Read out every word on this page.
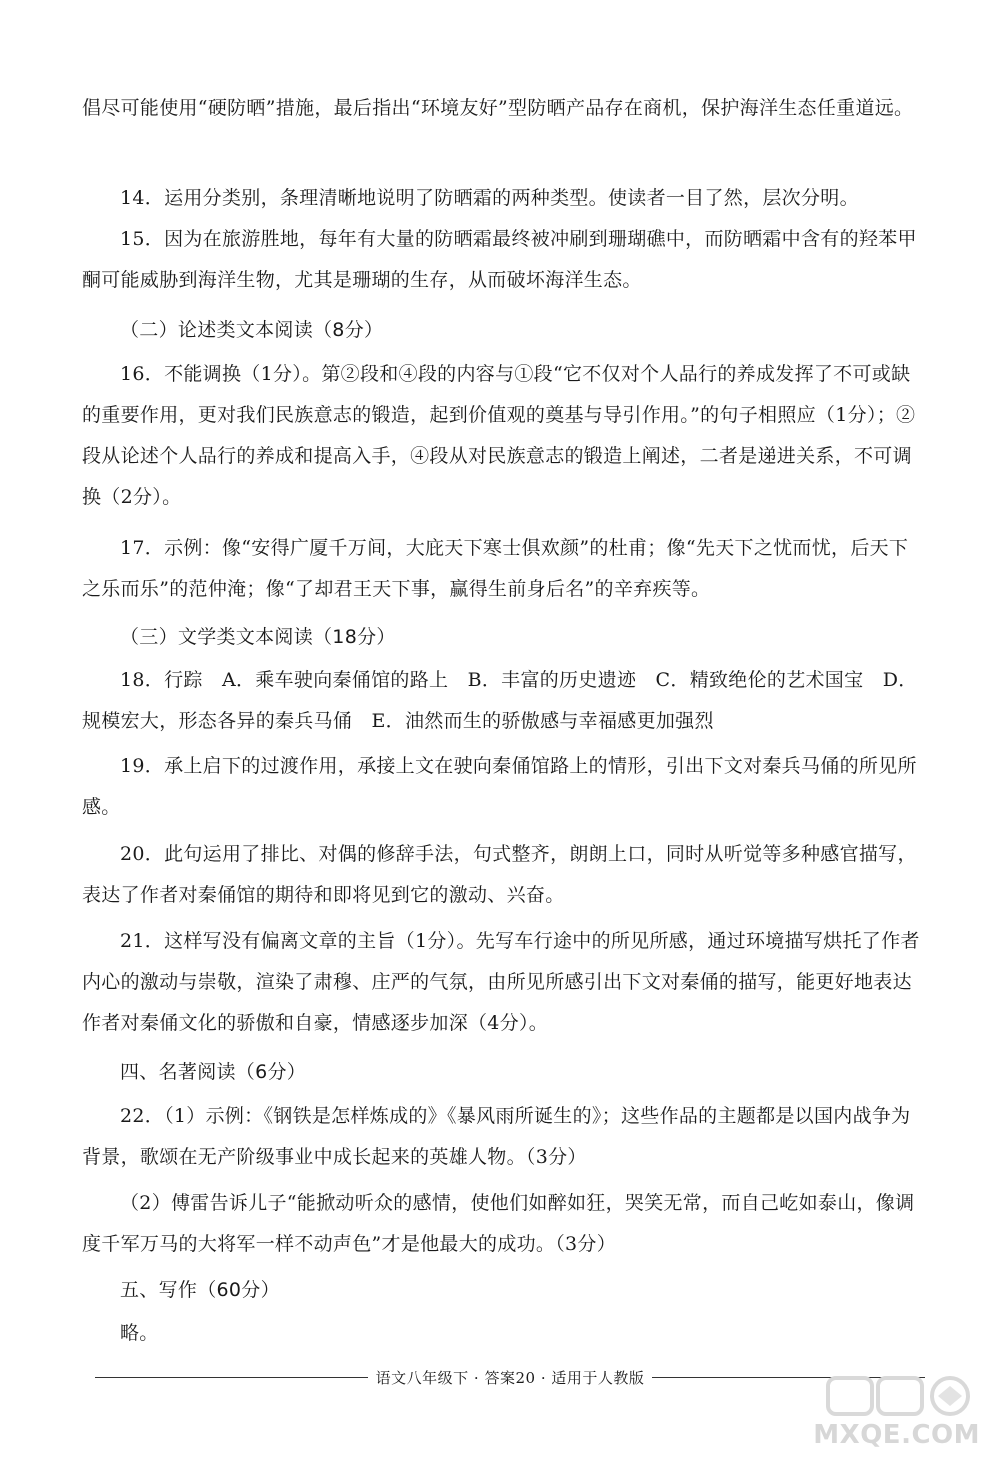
倡尽可能使用“硬防晒”措施，最后指出“环境友好”型防晒产品存在商机，保护海洋生态任重道远。

14．运用分类别，条理清晰地说明了防晒霜的两种类型。使读者一目了然，层次分明。

15．因为在旅游胜地，每年有大量的防晒霜最终被冲刷到珊瑚礁中，而防晒霜中含有的羟苯甲酮可能威胁到海洋生物，尤其是珊瑚的生存，从而破坏海洋生态。

（二）论述类文本阅读（8分）

16．不能调换（1分）。第②段和④段的内容与①段“它不仅对个人品行的养成发挥了不可或缺的重要作用，更对我们民族意志的锻造，起到价值观的奠基与导引作用。”的句子相照应（1分）；②段从论述个人品行的养成和提高入手，④段从对民族意志的锻造上阐述，二者是递进关系，不可调换（2分）。

17．示例：像“安得广厦千万间，大庇天下寒士俱欢颜”的杜甫；像“先天下之忧而忧，后天下之乐而乐”的范仲淹；像“了却君王天下事，赢得生前身后名”的辛弃疾等。

（三）文学类文本阅读（18分）

18．行踪　A．乘车驶向秦俑馆的路上　B．丰富的历史遗迹　C．精致绝伦的艺术国宝　D．规模宏大，形态各异的秦兵马俑　E．油然而生的骄傲感与幸福感更加强烈

19．承上启下的过渡作用，承接上文在驶向秦俑馆路上的情形，引出下文对秦兵马俑的所见所感。

20．此句运用了排比、对偶的修辞手法，句式整齐，朗朗上口，同时从听觉等多种感官描写，表达了作者对秦俑馆的期待和即将见到它的激动、兴奋。

21．这样写没有偏离文章的主旨（1分）。先写车行途中的所见所感，通过环境描写烘托了作者内心的激动与崇敬，渲染了肃穆、庄严的气氛，由所见所感引出下文对秦俑的描写，能更好地表达作者对秦俑文化的骄傲和自豪，情感逐步加深（4分）。

四、名著阅读（6分）

22．（1）示例：《钢铁是怎样炼成的》《暴风雨所诞生的》；这些作品的主题都是以国内战争为背景，歌颂在无产阶级事业中成长起来的英雄人物。（3分）

（2）傅雷告诉儿子“能掀动听众的感情，使他们如醉如狂，哭笑无常，而自己屹如泰山，像调度千军万马的大将军一样不动声色”才是他最大的成功。（3分）

五、写作（60分）

略。

语文八年级下 · 答案20 · 适用于人教版
MXQE.COM
